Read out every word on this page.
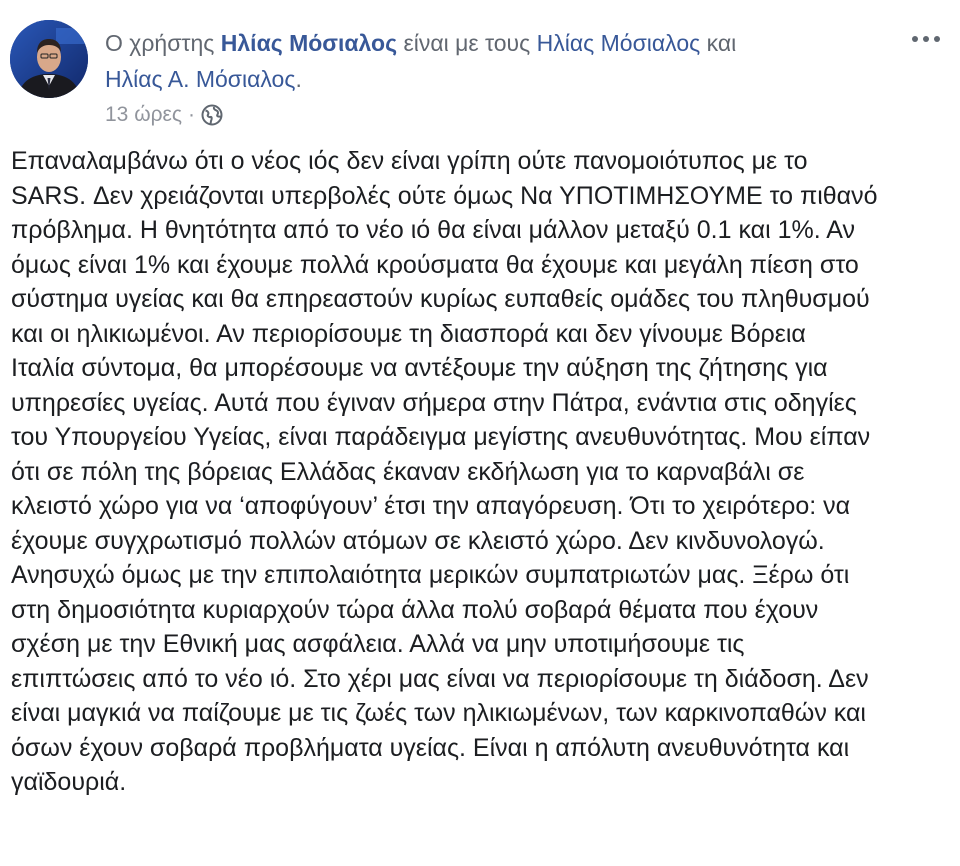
Ο χρήστης Ηλίας Μόσιαλος είναι με τους Ηλίας Μόσιαλος και
Ηλίας Α. Μόσιαλος.
13 ώρες ·
Επαναλαμβάνω ότι ο νέος ιός δεν είναι γρίπη ούτε πανομοιότυπος με το
SARS. Δεν χρειάζονται υπερβολές ούτε όμως Να ΥΠΟΤΙΜΗΣΟΥΜΕ το πιθανό
πρόβλημα. Η θνητότητα από το νέο ιό θα είναι μάλλον μεταξύ 0.1 και 1%. Αν
όμως είναι 1% και έχουμε πολλά κρούσματα θα έχουμε και μεγάλη πίεση στο
σύστημα υγείας και θα επηρεαστούν κυρίως ευπαθείς ομάδες του πληθυσμού
και οι ηλικιωμένοι. Αν περιορίσουμε τη διασπορά και δεν γίνουμε Βόρεια
Ιταλία σύντομα, θα μπορέσουμε να αντέξουμε την αύξηση της ζήτησης για
υπηρεσίες υγείας. Αυτά που έγιναν σήμερα στην Πάτρα, ενάντια στις οδηγίες
του Υπουργείου Υγείας, είναι παράδειγμα μεγίστης ανευθυνότητας. Μου είπαν
ότι σε πόλη της βόρειας Ελλάδας έκαναν εκδήλωση για το καρναβάλι σε
κλειστό χώρο για να ‘αποφύγουν’ έτσι την απαγόρευση. Ότι το χειρότερο: να
έχουμε συγχρωτισμό πολλών ατόμων σε κλειστό χώρο. Δεν κινδυνολογώ.
Ανησυχώ όμως με την επιπολαιότητα μερικών συμπατριωτών μας. Ξέρω ότι
στη δημοσιότητα κυριαρχούν τώρα άλλα πολύ σοβαρά θέματα που έχουν
σχέση με την Εθνική μας ασφάλεια. Αλλά να μην υποτιμήσουμε τις
επιπτώσεις από το νέο ιό. Στο χέρι μας είναι να περιορίσουμε τη διάδοση. Δεν
είναι μαγκιά να παίζουμε με τις ζωές των ηλικιωμένων, των καρκινοπαθών και
όσων έχουν σοβαρά προβλήματα υγείας. Είναι η απόλυτη ανευθυνότητα και
γαϊδουριά.
